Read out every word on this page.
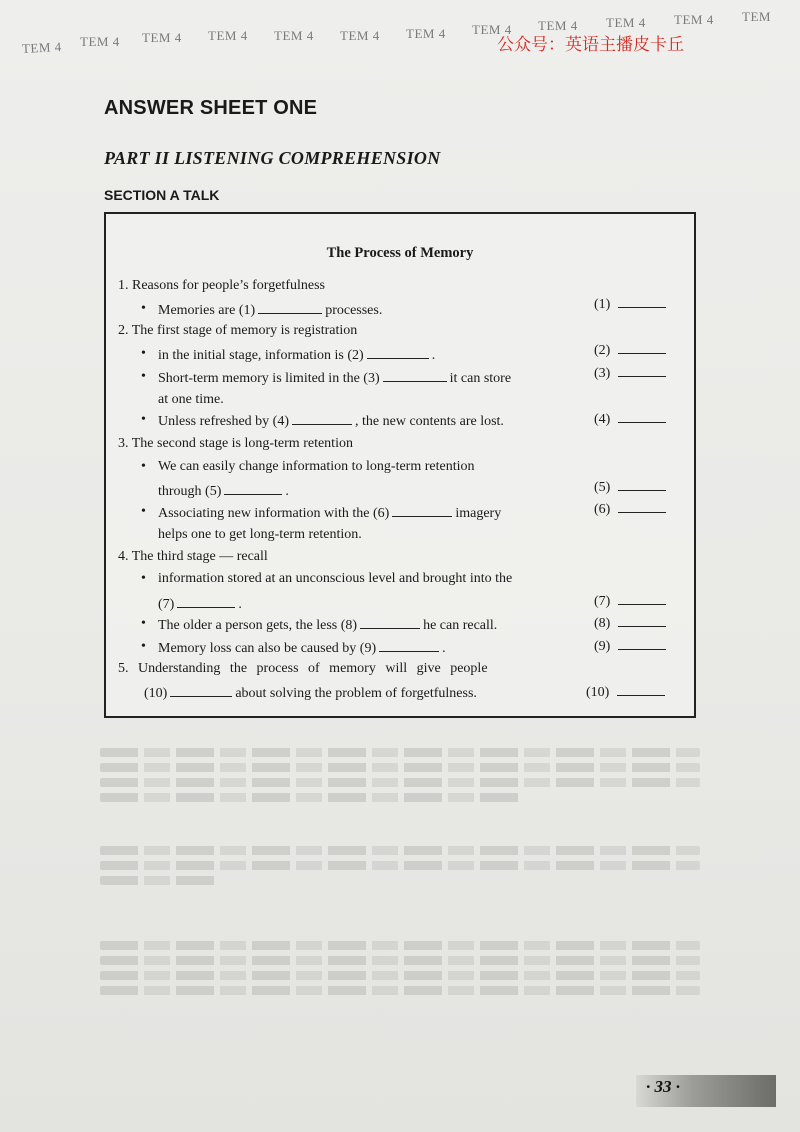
TEM 4 TEM 4 TEM 4 TEM 4 TEM 4 TEM 4 TEM 4 TEM 4 TEM 4 TEM 4 TEM 4 TEM
公众号：英语主播皮卡丘
ANSWER SHEET ONE
PART II LISTENING COMPREHENSION
SECTION A TALK
The Process of Memory
1. Reasons for people’s forgetfulness
• Memories are (1)	processes.
2. The first stage of memory is registration
• in the initial stage, information is (2)	.
• Short-term memory is limited in the (3)	it can store
at one time.
• Unless refreshed by (4)	, the new contents are lost.
3. The second stage is long-term retention
• We can easily change information to long-term retention
through (5)	.
• Associating new information with the (6)	imagery
helps one to get long-term retention.
4. The third stage — recall
• information stored at an unconscious level and brought into the
(7)	.
• The older a person gets, the less (8)	he can recall.
• Memory loss can also be caused by (9)	.
5. Understanding the process of memory will give people
(10)	about solving the problem of forgetfulness.
(1)
(2)
(3)
(4)
(5)
(6)
(7)
(8)
(9)
(10)
· 33 ·
